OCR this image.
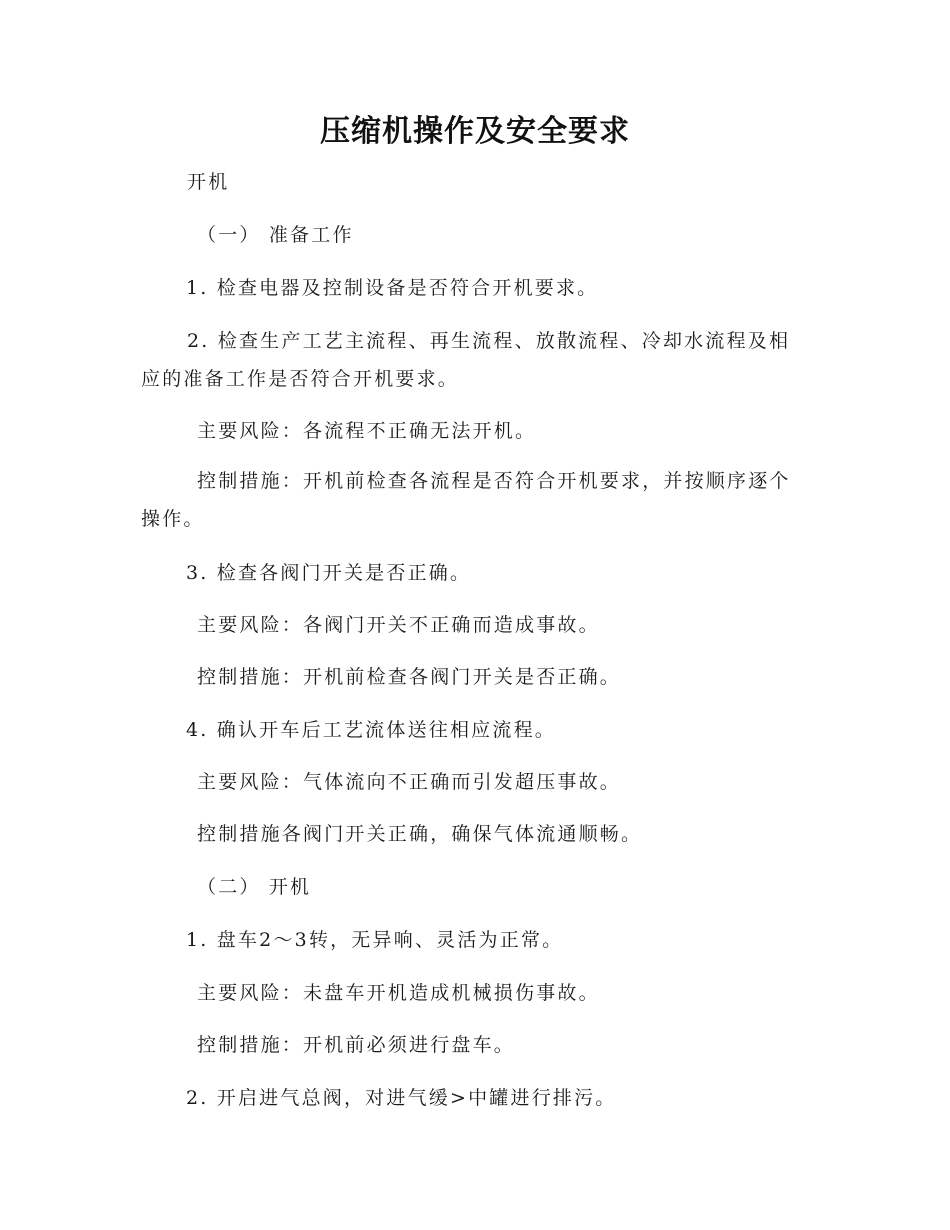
压缩机操作及安全要求
开机
（一） 准备工作
1. 检查电器及控制设备是否符合开机要求。
2. 检查生产工艺主流程、再生流程、放散流程、冷却水流程及相应的准备工作是否符合开机要求。
主要风险：各流程不正确无法开机。
控制措施：开机前检查各流程是否符合开机要求，并按顺序逐个操作。
3. 检查各阀门开关是否正确。
主要风险：各阀门开关不正确而造成事故。
控制措施：开机前检查各阀门开关是否正确。
4. 确认开车后工艺流体送往相应流程。
主要风险：气体流向不正确而引发超压事故。
控制措施各阀门开关正确，确保气体流通顺畅。
（二） 开机
1. 盘车2～3转，无异响、灵活为正常。
主要风险：未盘车开机造成机械损伤事故。
控制措施：开机前必须进行盘车。
2. 开启进气总阀，对进气缓>中罐进行排污。
